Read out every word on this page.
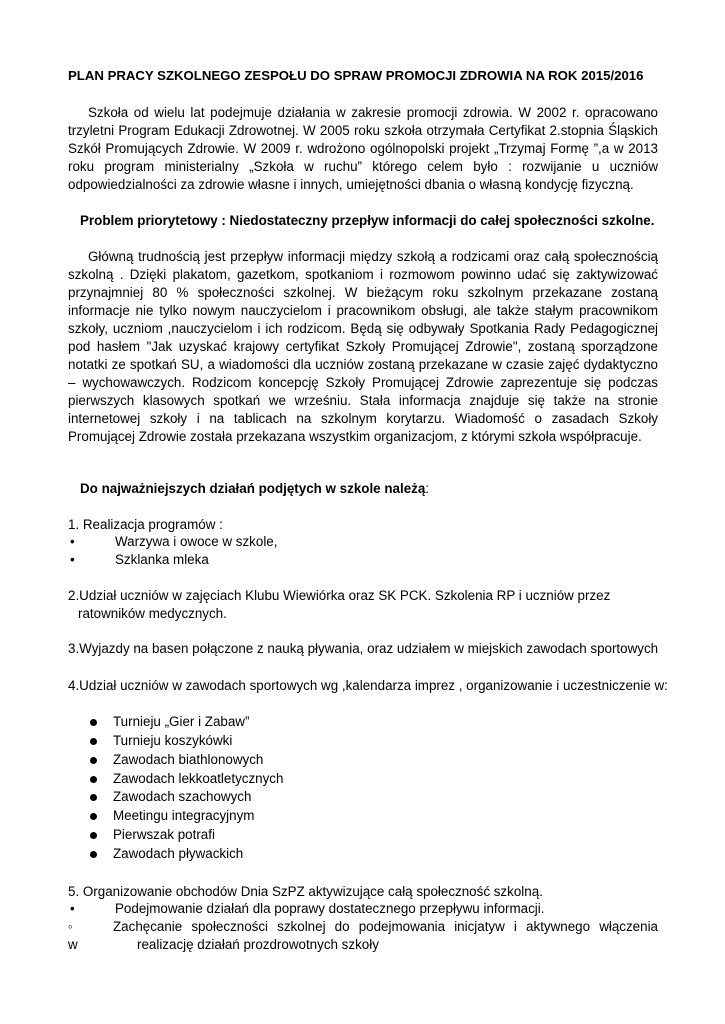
PLAN PRACY SZKOLNEGO ZESPOŁU DO SPRAW PROMOCJI ZDROWIA NA ROK 2015/2016

Szkoła od wielu lat podejmuje działania w zakresie promocji zdrowia. W 2002 r. opracowano trzyletni Program Edukacji Zdrowotnej. W 2005 roku szkoła otrzymała Certyfikat 2.stopnia Śląskich Szkół Promujących Zdrowie. W 2009 r. wdrożono ogólnopolski projekt „Trzymaj Formę ”,a w 2013 roku program ministerialny „Szkoła w ruchu” którego celem było : rozwijanie u uczniów odpowiedzialności za zdrowie własne i innych, umiejętności dbania o własną kondycję fizyczną.

Problem priorytetowy : Niedostateczny przepływ informacji do całej społeczności szkolne.

Główną trudnością jest przepływ informacji między szkołą a rodzicami oraz całą społecznością szkolną . Dzięki plakatom, gazetkom, spotkaniom i rozmowom powinno udać się zaktywizować przynajmniej 80 % społeczności szkolnej. W bieżącym roku szkolnym przekazane zostaną informacje nie tylko nowym nauczycielom i pracownikom obsługi, ale także stałym pracownikom szkoły, uczniom ,nauczycielom i ich rodzicom. Będą się odbywały Spotkania Rady Pedagogicznej pod hasłem "Jak uzyskać krajowy certyfikat Szkoły Promującej Zdrowie", zostaną sporządzone notatki ze spotkań SU, a wiadomości dla uczniów zostaną przekazane w czasie zajęć dydaktyczno – wychowawczych. Rodzicom koncepcję Szkoły Promującej Zdrowie zaprezentuje się podczas pierwszych klasowych spotkań we wrześniu. Stała informacja znajduje się także na stronie internetowej szkoły i na tablicach na szkolnym korytarzu. Wiadomość o zasadach Szkoły Promującej Zdrowie została przekazana wszystkim organizacjom, z którymi szkoła współpracuje.

Do najważniejszych działań podjętych w szkole należą:

1. Realizacja programów :

•	Warzywa i owoce w szkole,
•	Szklanka mleka

2.Udział uczniów w zajęciach Klubu Wiewiórka oraz SK PCK. Szkolenia RP i uczniów przez

ratowników medycznych.

3.Wyjazdy na basen połączone z nauką pływania, oraz udziałem w miejskich zawodach sportowych

4.Udział uczniów w zawodach sportowych wg ,kalendarza imprez , organizowanie i uczestniczenie w:

Turnieju „Gier i Zabaw”
Turnieju koszykówki
Zawodach biathlonowych
Zawodach lekkoatletycznych
Zawodach szachowych
Meetingu integracyjnym
Pierwszak potrafi
Zawodach pływackich

5. Organizowanie obchodów Dnia SzPZ aktywizujące całą społeczność szkolną.

•	Podejmowanie działań dla poprawy dostatecznego przepływu informacji.
◦	Zachęcanie społeczności szkolnej do podejmowania inicjatyw i aktywnego włączenia
w	realizację działań prozdrowotnych szkoły
